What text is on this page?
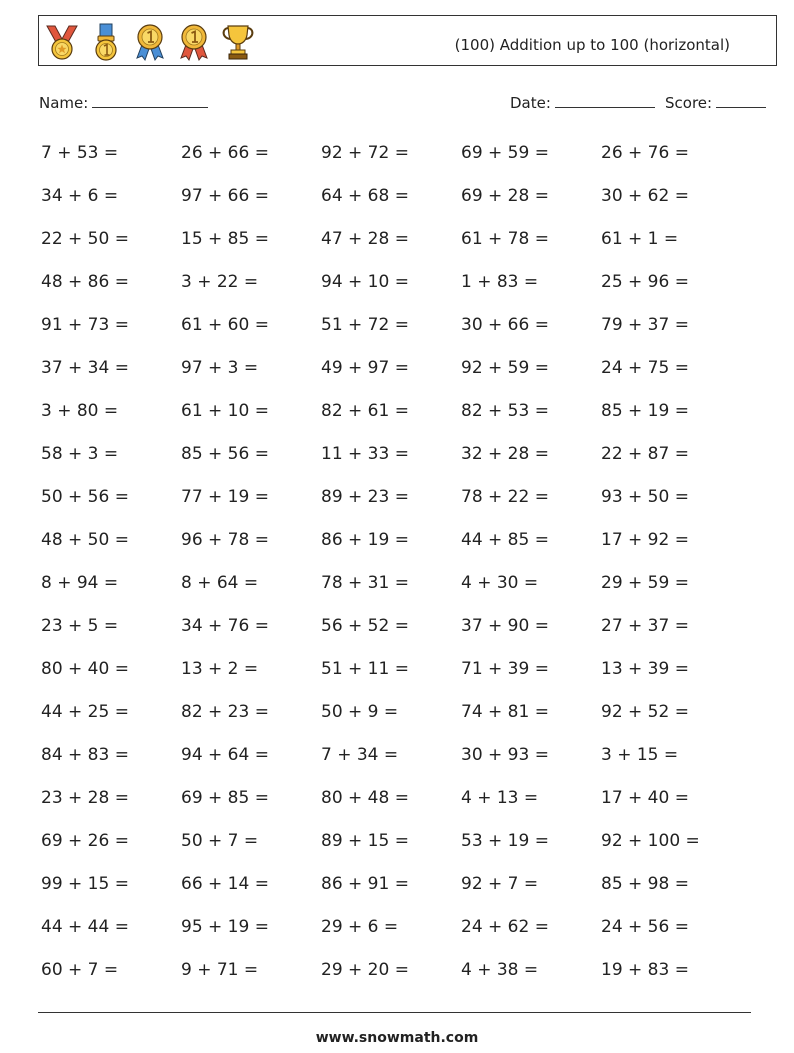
(100) Addition up to 100 (horizontal)
Name:	Date:	Score:
7 + 53 =	26 + 66 =	92 + 72 =	69 + 59 =	26 + 76 =
34 + 6 =	97 + 66 =	64 + 68 =	69 + 28 =	30 + 62 =
22 + 50 =	15 + 85 =	47 + 28 =	61 + 78 =	61 + 1 =
48 + 86 =	3 + 22 =	94 + 10 =	1 + 83 =	25 + 96 =
91 + 73 =	61 + 60 =	51 + 72 =	30 + 66 =	79 + 37 =
37 + 34 =	97 + 3 =	49 + 97 =	92 + 59 =	24 + 75 =
3 + 80 =	61 + 10 =	82 + 61 =	82 + 53 =	85 + 19 =
58 + 3 =	85 + 56 =	11 + 33 =	32 + 28 =	22 + 87 =
50 + 56 =	77 + 19 =	89 + 23 =	78 + 22 =	93 + 50 =
48 + 50 =	96 + 78 =	86 + 19 =	44 + 85 =	17 + 92 =
8 + 94 =	8 + 64 =	78 + 31 =	4 + 30 =	29 + 59 =
23 + 5 =	34 + 76 =	56 + 52 =	37 + 90 =	27 + 37 =
80 + 40 =	13 + 2 =	51 + 11 =	71 + 39 =	13 + 39 =
44 + 25 =	82 + 23 =	50 + 9 =	74 + 81 =	92 + 52 =
84 + 83 =	94 + 64 =	7 + 34 =	30 + 93 =	3 + 15 =
23 + 28 =	69 + 85 =	80 + 48 =	4 + 13 =	17 + 40 =
69 + 26 =	50 + 7 =	89 + 15 =	53 + 19 =	92 + 100 =
99 + 15 =	66 + 14 =	86 + 91 =	92 + 7 =	85 + 98 =
44 + 44 =	95 + 19 =	29 + 6 =	24 + 62 =	24 + 56 =
60 + 7 =	9 + 71 =	29 + 20 =	4 + 38 =	19 + 83 =
www.snowmath.com
